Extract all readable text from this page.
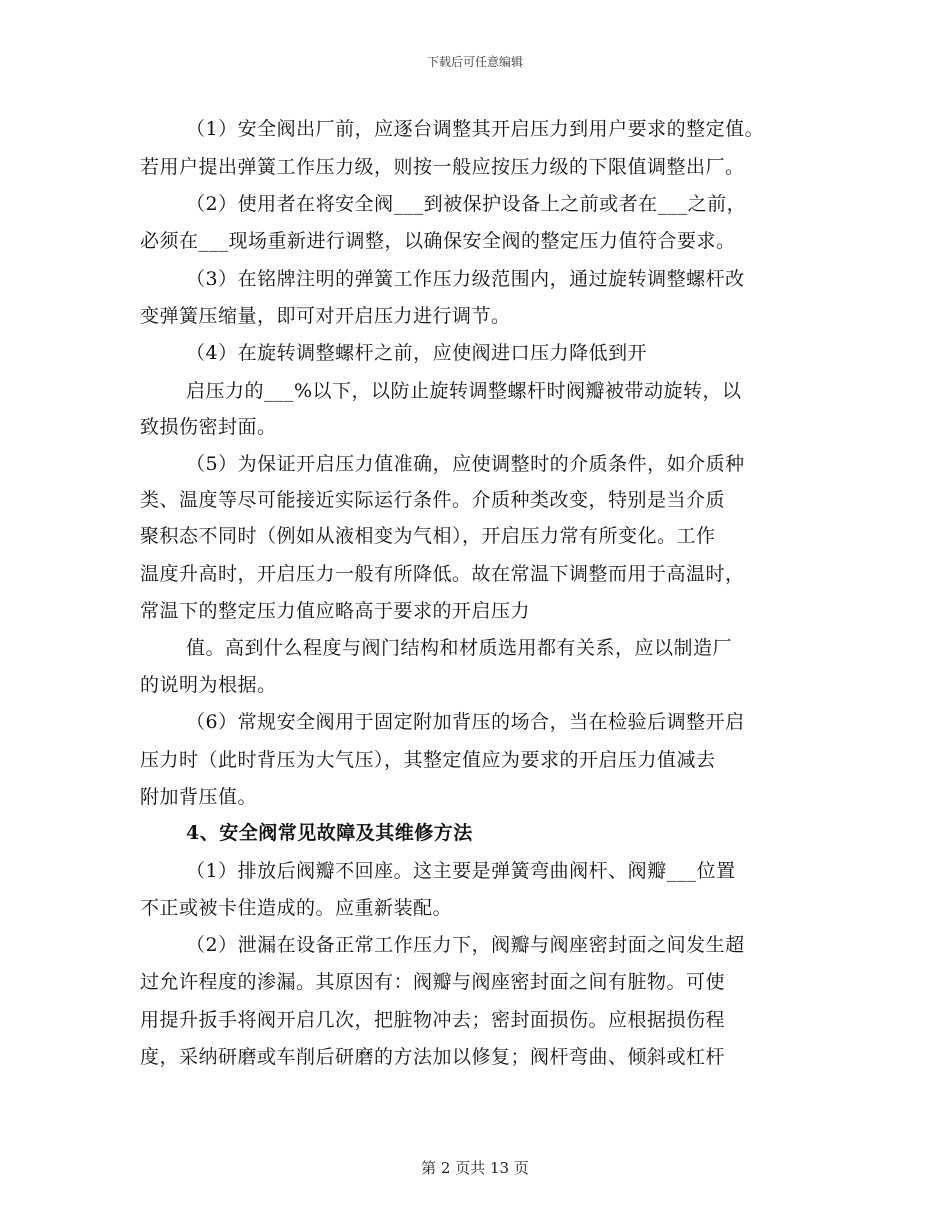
下载后可任意编辑
（1）安全阀出厂前，应逐台调整其开启压力到用户要求的整定值。
若用户提出弹簧工作压力级，则按一般应按压力级的下限值调整出厂。
（2）使用者在将安全阀___到被保护设备上之前或者在___之前，
必须在___现场重新进行调整，以确保安全阀的整定压力值符合要求。
（3）在铭牌注明的弹簧工作压力级范围内，通过旋转调整螺杆改
变弹簧压缩量，即可对开启压力进行调节。
（4）在旋转调整螺杆之前，应使阀进口压力降低到开
启压力的___%以下，以防止旋转调整螺杆时阀瓣被带动旋转，以
致损伤密封面。
（5）为保证开启压力值准确，应使调整时的介质条件，如介质种
类、温度等尽可能接近实际运行条件。介质种类改变，特别是当介质
聚积态不同时（例如从液相变为气相），开启压力常有所变化。工作
温度升高时，开启压力一般有所降低。故在常温下调整而用于高温时，
常温下的整定压力值应略高于要求的开启压力
值。高到什么程度与阀门结构和材质选用都有关系，应以制造厂
的说明为根据。
（6）常规安全阀用于固定附加背压的场合，当在检验后调整开启
压力时（此时背压为大气压），其整定值应为要求的开启压力值减去
附加背压值。
4、安全阀常见故障及其维修方法
（1）排放后阀瓣不回座。这主要是弹簧弯曲阀杆、阀瓣___位置
不正或被卡住造成的。应重新装配。
（2）泄漏在设备正常工作压力下，阀瓣与阀座密封面之间发生超
过允许程度的渗漏。其原因有：阀瓣与阀座密封面之间有脏物。可使
用提升扳手将阀开启几次，把脏物冲去；密封面损伤。应根据损伤程
度，采纳研磨或车削后研磨的方法加以修复；阀杆弯曲、倾斜或杠杆
第 2 页共 13 页
